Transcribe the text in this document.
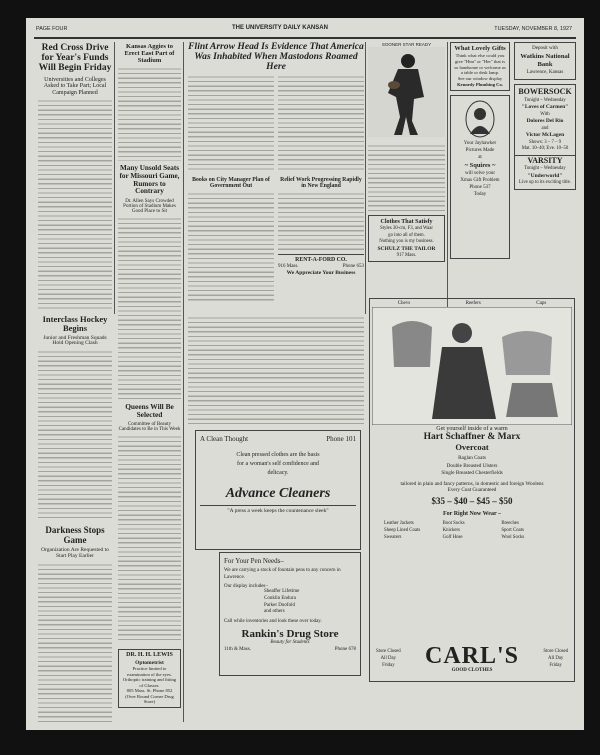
PAGE FOUR	THE UNIVERSITY DAILY KANSAN	TUESDAY, NOVEMBER 8, 1927
Red Cross Drive for Year's Funds Will Begin Friday
Universities and Colleges Asked to Take Part; Local Campaign Planned
Interclass Hockey Begins
Junior and Freshman Squads Hold Opening Clash
Darkness Stops Game
Organization Are Requested to Start Play Earlier
Kansas Aggies to Erect East Part of Stadium
Many Unsold Seats for Missouri Game, Rumors to Contrary
Dr. Allen Says Crowded Portion of Stadium Makes Good Place to Sit
Queens Will Be Selected
Committee of Beauty Candidates to Be in This Week
DR. H. H. LEWIS
Optometrist
Practice limited to examination of the eyes. Orthoptic training and fitting of Glasses.
805 Mass. St. Phone 852
(Over Round Corner Drug Store)
Flint Arrow Head Is Evidence That America Was Inhabited When Mastodons Roamed Here
Books on City Manager Plan of Government Out
Relief Work Progressing Rapidly in New England
RENT-A-FORD CO.
916 Mass.	Phone 653
We Appreciate Your Business
SOONER STAR READY
Clothes That Satisfy
Styles 30-cm, F3, and Waar
go into all of them.
Nothing you is my business.
SCHULZ THE TAILOR
917 Mass.
What Lovely Gifts
Think what else could you give "Him" or "Her" that is so handsome or welcome as a table or desk lamp.
See our window display
Kennedy Plumbing Co.
Your Jayhawker
Pictures Made
at
~ Squires ~
will solve your
Xmas Gift Problem
Phone 537
Today
Deposit with
Watkins National Bank
Lawrence, Kansas
BOWERSOCK
Tonight – Wednesday
"Loves of Carmen"
With
Dolores Del Rio
and
Victor McLagen
Shows: 3 – 7 – 9
Mat. 10–40; Eve. 10–50
VARSITY
Tonight – Wednesday
"Underworld"
Live up to its exciting title.
Chevs	Reefers	Caps
Get yourself inside of a warm
Hart Schaffner & Marx
Overcoat
Raglan Coats
Double Breasted Ulsters
Single Breasted Chesterfields
tailored in plain and fancy patterns, in domestic and foreign Woolens
Every Coat Guaranteed
$35 – $40 – $45 – $50
For Right Now Wear –
Leather Jackets	Boot Socks	Breeches
Sheep Lined Coats	Knickers	Sport Coats
Sweaters	Golf Hose	Wool Socks
Store Closed
All Day
Friday CARL'S
GOOD CLOTHES
Store Closed
All Day
Friday
A Clean Thought	Phone 101
Clean pressed clothes are the basis for a woman's self confidence and delicacy.
Advance Cleaners
"A press a week keeps the countenance sleek"
For Your Pen Needs–
We are carrying a stock of fountain pens to any concern in Lawrence.
Our display includes–
Sheaffer Lifetime
Conklin Endura
Parker Duofold
and others
Call while inventories and look these over today.
Rankin's Drug Store
Beauty for Students
11th & Mass.	Phone 678
